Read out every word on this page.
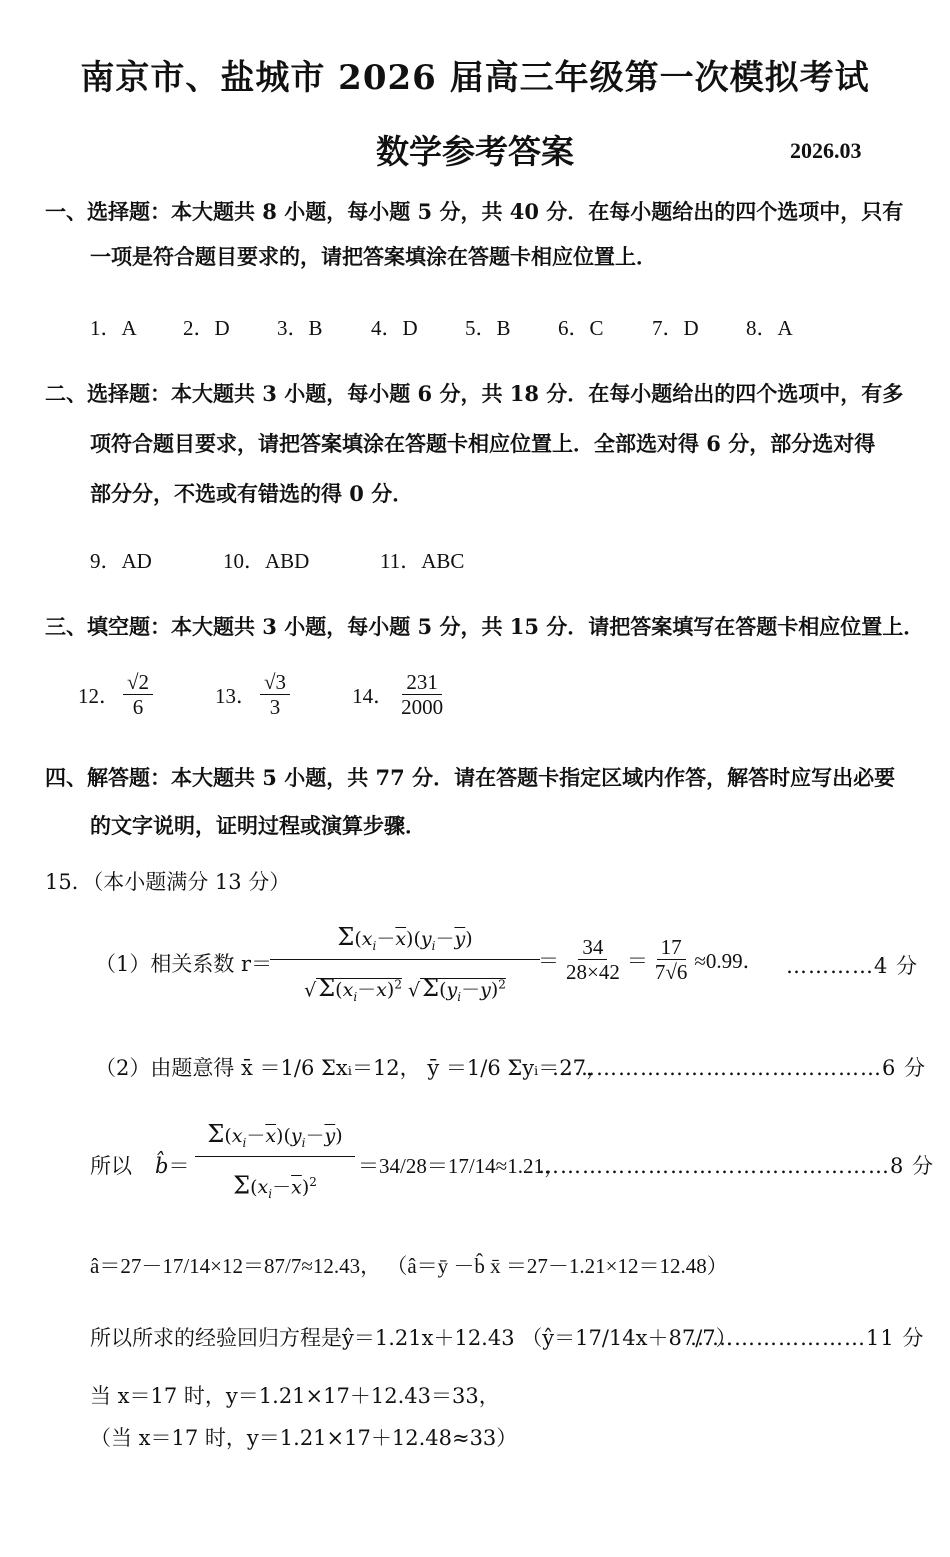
南京市、盐城市 2026 届高三年级第一次模拟考试
数学参考答案	2026.03
一、选择题：本大题共 8 小题，每小题 5 分，共 40 分．在每小题给出的四个选项中，只有
一项是符合题目要求的，请把答案填涂在答题卡相应位置上．
1．A 2．D 3．B 4．D 5．B 6．C 7．D 8．A
二、选择题：本大题共 3 小题，每小题 6 分，共 18 分．在每小题给出的四个选项中，有多
项符合题目要求，请把答案填涂在答题卡相应位置上．全部选对得 6 分，部分选对得
部分分，不选或有错选的得 0 分．
9．AD	10．ABD	11．ABC
三、填空题：本大题共 3 小题，每小题 5 分，共 15 分．请把答案填写在答题卡相应位置上．
12． $\frac{√2}{6}$	13． $\frac{√3}{3}$	14． $\frac{231}{2000}$
四、解答题：本大题共 5 小题，共 77 分．请在答题卡指定区域内作答，解答时应写出必要
的文字说明，证明过程或演算步骤．
15．（本小题满分 13 分）
（1）相关系数 r＝
$\Sigma(x_i-\overline{x})(y_i-\overline{y})$
$√\Sigma(x_i-\overline{x})^2$ $√\Sigma(y_i-\overline{y})^2$
＝ $\frac{34}{28\times 42} = \frac{17}{7√6} \approx 0.99$． …………4 分
（2）由题意得 x̄ ＝1/6 Σxᵢ＝12， ȳ ＝1/6 Σyᵢ＝27，
………………………………………6 分
所以 b̂＝
$\Sigma(x_i-\overline{x})(y_i-\overline{y})$
$\Sigma(x_i-\overline{x})^2$
＝34/28＝17/14≈1.21，
…………………………………………8 分
â＝27－17/14×12＝87/7≈12.43， （â＝ȳ －b̂ x̄ ＝27－1.21×12＝12.48）
所以所求的经验回归方程是ŷ＝1.21x＋12.43 （ŷ＝17/14x＋87/7）．
……………………11 分
当 x＝17 时，y＝1.21×17＋12.43＝33，
（当 x＝17 时，y＝1.21×17＋12.48≈33）
